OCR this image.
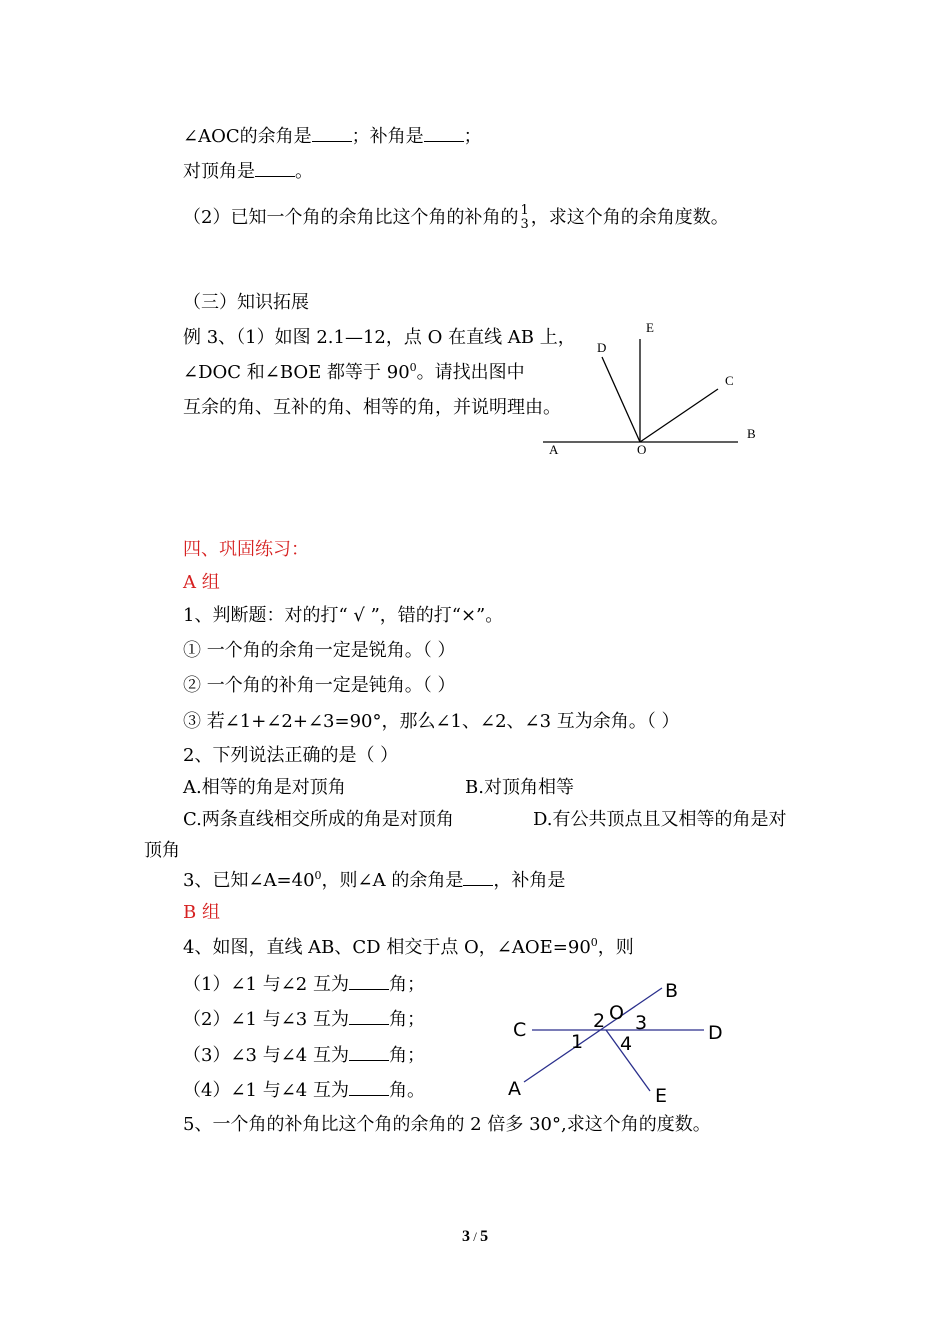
∠AOC的余角是 ；补角是 ；
对顶角是 。
（2）已知一个角的余角比这个角的补角的 1
3 ，求这个角的余角度数。
（三）知识拓展
例 3、（1）如图 2.1—12，点 O 在直线 AB 上，
∠DOC 和∠BOE 都等于 $90^0$。请找出图中
互余的角、互补的角、相等的角，并说明理由。
E
D
C
B
A	O
四、巩固练习：
A 组
1、判断题：对的打“ √ ”，错的打“×”。
① 一个角的余角一定是锐角。（ ）
② 一个角的补角一定是钝角。（ ）
③ 若∠1+∠2+∠3=90°，那么∠1、∠2、∠3 互为余角。（ ）
2、下列说法正确的是（ ）
A.相等的角是对顶角	B.对顶角相等
C.两条直线相交所成的角是对顶角	D.有公共顶点且又相等的角是对
顶角
3、已知$\angle A=40^0$，则∠A 的余角是 ，补角是
B 组
4、如图，直线 AB、CD 相交于点 O，$\angle AOE=90^0$，则
（1）∠1 与∠2 互为 角；
（2）∠1 与∠3 互为 角；
（3）∠3 与∠4 互为 角；
（4）∠1 与∠4 互为 角。
5、一个角的补角比这个角的余角的 2 倍多 30°,求这个角的度数。
B
C	D
A	E
O
2 3
1 4
3 / 5
